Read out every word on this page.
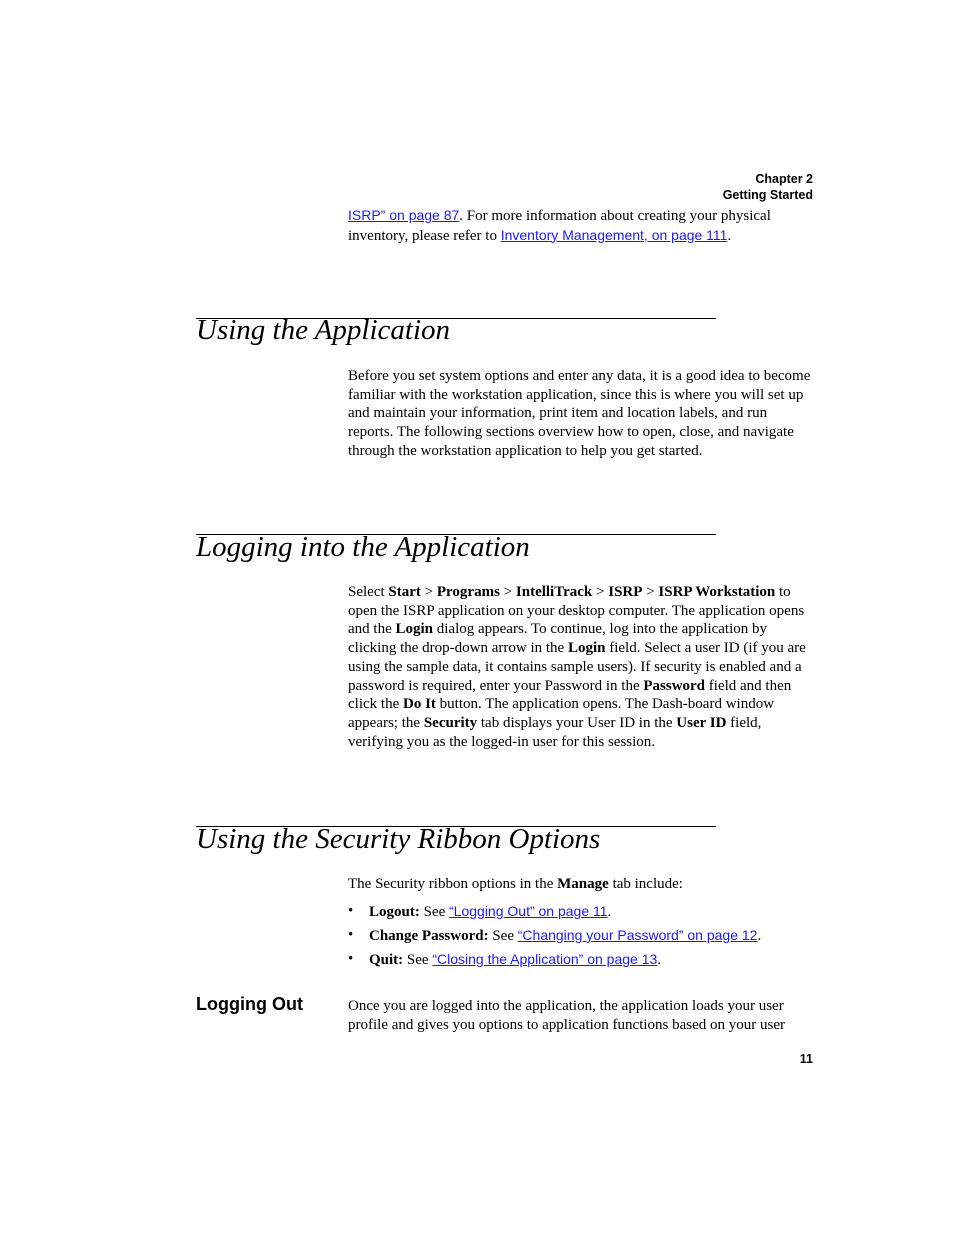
Chapter 2
Getting Started

ISRP” on page 87. For more information about creating your physical inventory, please refer to Inventory Management, on page 111.

Using the Application

Before you set system options and enter any data, it is a good idea to become familiar with the workstation application, since this is where you will set up and maintain your information, print item and location labels, and run reports. The following sections overview how to open, close, and navigate through the workstation application to help you get started.

Logging into the Application

Select Start > Programs > IntelliTrack > ISRP > ISRP Workstation to open the ISRP application on your desktop computer. The application opens and the Login dialog appears. To continue, log into the application by clicking the drop-down arrow in the Login field. Select a user ID (if you are using the sample data, it contains sample users). If security is enabled and a password is required, enter your Password in the Password field and then click the Do It button. The application opens. The Dash-board window appears; the Security tab displays your User ID in the User ID field, verifying you as the logged-in user for this session.

Using the Security Ribbon Options

The Security ribbon options in the Manage tab include:

• Logout: See “Logging Out” on page 11.
• Change Password: See “Changing your Password” on page 12.
• Quit: See “Closing the Application” on page 13.
Logging Out	Once you are logged into the application, the application loads your user profile and gives you options to application functions based on your user

11
